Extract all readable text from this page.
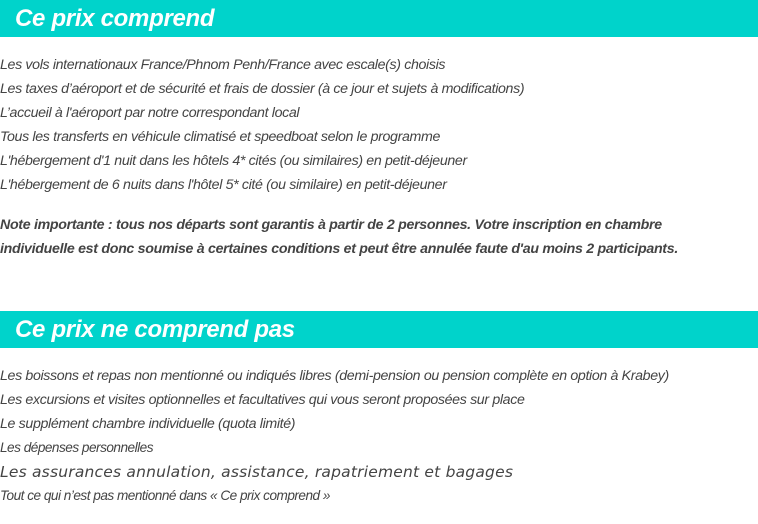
Ce prix comprend
Les vols internationaux France/Phnom Penh/France avec escale(s) choisis
Les taxes d’aéroport et de sécurité et frais de dossier (à ce jour et sujets à modifications)
L’accueil à l'aéroport par notre correspondant local
Tous les transferts en véhicule climatisé et speedboat selon le programme
L'hébergement d'1 nuit dans les hôtels 4* cités (ou similaires) en petit-déjeuner
L'hébergement de 6 nuits dans l'hôtel 5* cité (ou similaire) en petit-déjeuner

Note importante : tous nos départs sont garantis à partir de 2 personnes. Votre inscription en chambre
individuelle est donc soumise à certaines conditions et peut être annulée faute d'au moins 2 participants.

Ce prix ne comprend pas
Les boissons et repas non mentionné ou indiqués libres (demi-pension ou pension complète en option à Krabey)
Les excursions et visites optionnelles et facultatives qui vous seront proposées sur place
Le supplément chambre individuelle (quota limité)
Les dépenses personnelles
Les assurances annulation, assistance, rapatriement et bagages
Tout ce qui n’est pas mentionné dans « Ce prix comprend »
